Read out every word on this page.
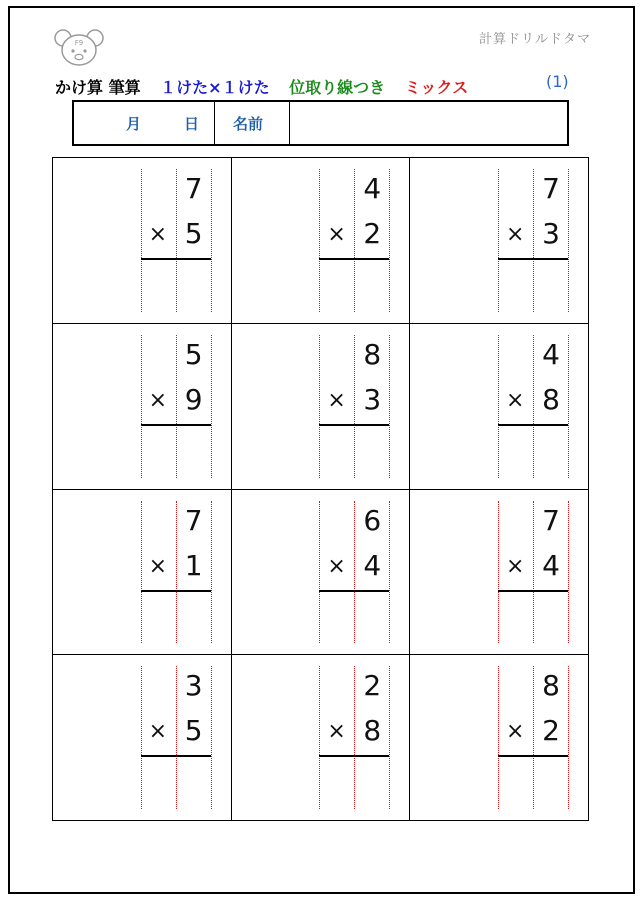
F9	計算ドリルドタマ
かけ算 筆算 １けた×１けた 位取り線つき ミックス	(1)
月	日 名前
7
× 5
4
× 2
7
× 3
5
× 9
8
× 3
4
× 8
7
× 1
6
× 4
7
× 4
3
× 5
2
× 8
8
× 2
